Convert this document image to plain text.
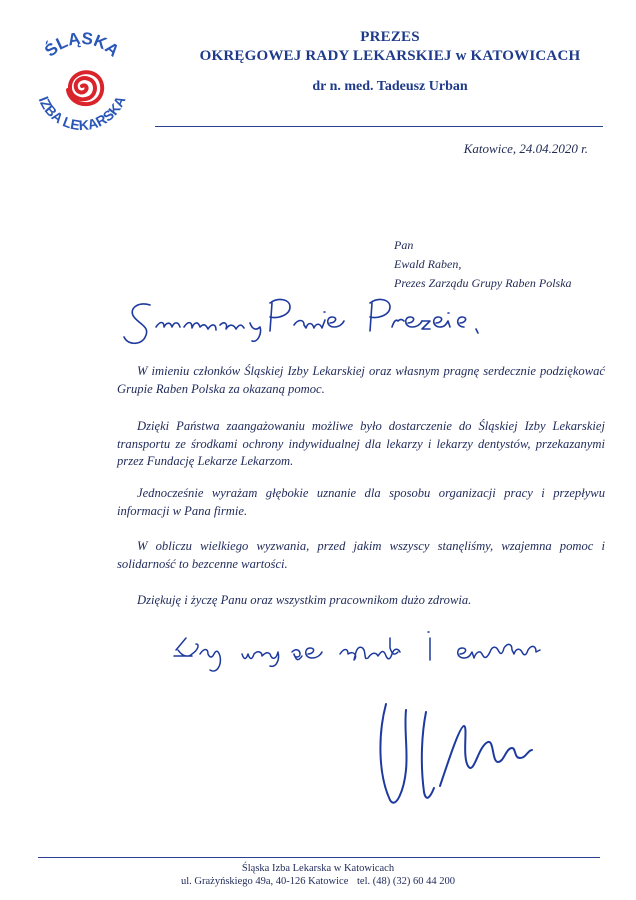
ŚLĄSKA
IZBA LEKARSKA
PREZES
OKRĘGOWEJ RADY LEKARSKIEJ w KATOWICACH
dr n. med. Tadeusz Urban
Katowice, 24.04.2020 r.
Pan
Ewald Raben,
Prezes Zarządu Grupy Raben Polska

W imieniu członków Śląskiej Izby Lekarskiej oraz własnym pragnę serdecznie podziękować Grupie Raben Polska za okazaną pomoc.

Dzięki Państwa zaangażowaniu możliwe było dostarczenie do Śląskiej Izby Lekarskiej transportu ze środkami ochrony indywidualnej dla lekarzy i lekarzy dentystów, przekazanymi przez Fundację Lekarze Lekarzom.

Jednocześnie wyrażam głębokie uznanie dla sposobu organizacji pracy i przepływu informacji w Pana firmie.

W obliczu wielkiego wyzwania, przed jakim wszyscy stanęliśmy, wzajemna pomoc i solidarność to bezcenne wartości.

Dziękuję i życzę Panu oraz wszystkim pracownikom dużo zdrowia.

Śląska Izba Lekarska w Katowicach
ul. Grażyńskiego 49a, 40-126 Katowice tel. (48) (32) 60 44 200
